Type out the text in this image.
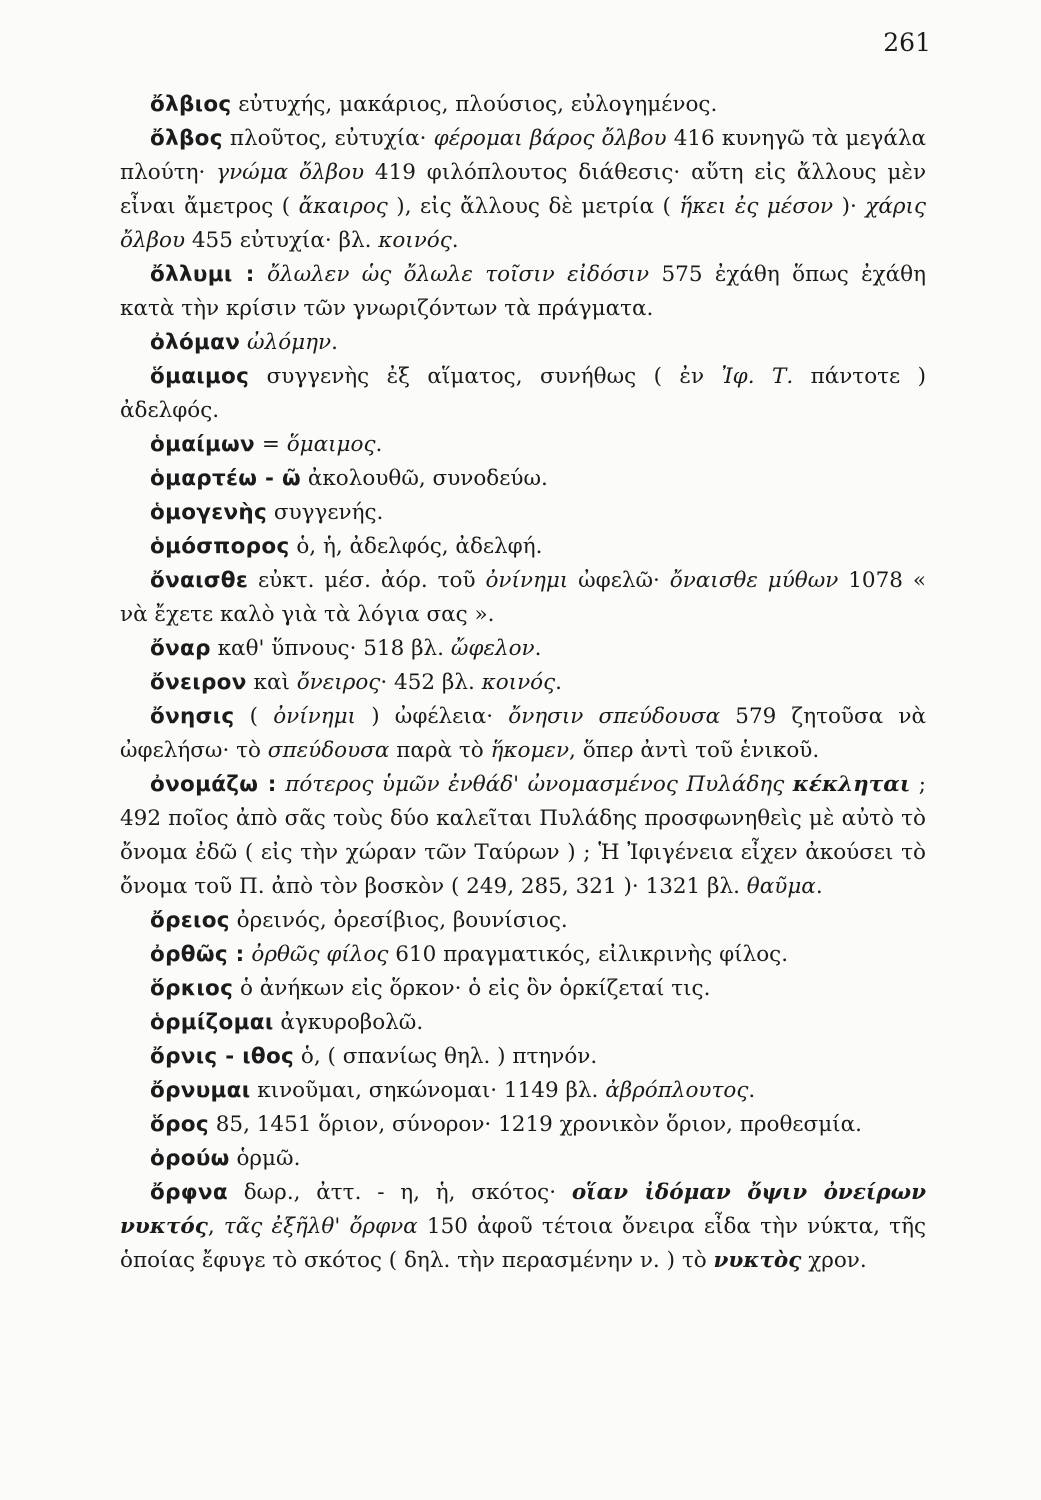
261

ὄλβιος εὐτυχής, μακάριος, πλούσιος, εὐλογημένος.

ὄλβος πλοῦτος, εὐτυχία· φέρομαι βάρος ὄλβου 416 κυνηγῶ τὰ μεγάλα πλούτη· γνώμα ὄλβου 419 φιλόπλουτος διάθεσις· αὕτη εἰς ἄλλους μὲν εἶναι ἄμετρος ( ἄκαιρος ), εἰς ἄλλους δὲ μετρία ( ἥκει ἐς μέσον )· χάρις ὄλβου 455 εὐτυχία· βλ. κοινός.

ὄλλυμι : ὄλωλεν ὡς ὄλωλε τοῖσιν εἰδόσιν 575 ἐχάθη ὅπως ἐχάθη κατὰ τὴν κρίσιν τῶν γνωριζόντων τὰ πράγματα.

ὀλόμαν ὠλόμην.

ὅμαιμος συγγενὴς ἐξ αἵματος, συνήθως ( ἐν Ἰφ. Τ. πάντοτε ) ἀδελφός.

ὁμαίμων = ὅμαιμος.

ὁμαρτέω - ῶ ἀκολουθῶ, συνοδεύω.

ὁμογενὴς συγγενής.

ὁμόσπορος ὁ, ἡ, ἀδελφός, ἀδελφή.

ὄναισθε εὐκτ. μέσ. ἀόρ. τοῦ ὀνίνημι ὠφελῶ· ὄναισθε μύθων 1078 « νὰ ἔχετε καλὸ γιὰ τὰ λόγια σας ».

ὄναρ καθ' ὕπνους· 518 βλ. ὤφελον.

ὄνειρον καὶ ὄνειρος· 452 βλ. κοινός.

ὄνησις ( ὀνίνημι ) ὠφέλεια· ὄνησιν σπεύδουσα 579 ζητοῦσα νὰ ὠφελήσω· τὸ σπεύδουσα παρὰ τὸ ἥκομεν, ὅπερ ἀντὶ τοῦ ἑνικοῦ.

ὀνομάζω : πότερος ὑμῶν ἐνθάδ' ὠνομασμένος Πυλάδης κέκληται ; 492 ποῖος ἀπὸ σᾶς τοὺς δύο καλεῖται Πυλάδης προσφωνηθεὶς μὲ αὐτὸ τὸ ὄνομα ἐδῶ ( εἰς τὴν χώραν τῶν Ταύρων ) ; Ἡ Ἰφιγένεια εἶχεν ἀκούσει τὸ ὄνομα τοῦ Π. ἀπὸ τὸν βοσκὸν ( 249, 285, 321 )· 1321 βλ. θαῦμα.

ὄρειος ὀρεινός, ὀρεσίβιος, βουνίσιος.

ὀρθῶς : ὀρθῶς φίλος 610 πραγματικός, εἰλικρινὴς φίλος.

ὅρκιος ὁ ἀνήκων εἰς ὅρκον· ὁ εἰς ὃν ὁρκίζεταί τις.

ὁρμίζομαι ἀγκυροβολῶ.

ὄρνις - ιθος ὁ, ( σπανίως θηλ. ) πτηνόν.

ὄρνυμαι κινοῦμαι, σηκώνομαι· 1149 βλ. ἀβρόπλουτος.

ὅρος 85, 1451 ὅριον, σύνορον· 1219 χρονικὸν ὅριον, προθεσμία.

ὀρούω ὁρμῶ.

ὄρφνα δωρ., ἀττ. - η, ἡ, σκότος· οἵαν ἰδόμαν ὄψιν ὀνείρων νυκτός, τᾶς ἐξῆλθ' ὄρφνα 150 ἀφοῦ τέτοια ὄνειρα εἶδα τὴν νύκτα, τῆς ὁποίας ἔφυγε τὸ σκότος ( δηλ. τὴν περασμένην ν. ) τὸ νυκτὸς χρον.
